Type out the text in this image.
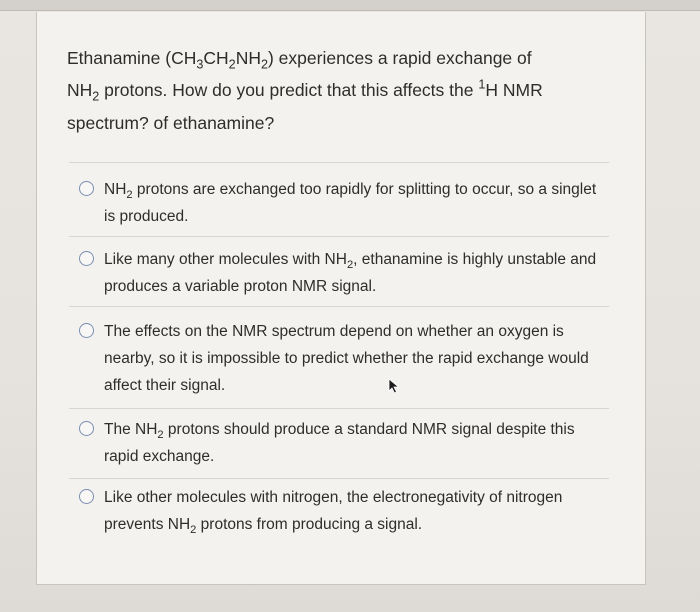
Ethanamine $(CH_3CH_2NH_2)$ experiences a rapid exchange of
$NH_2$ protons. How do you predict that this affects the $^1$H NMR
spectrum? of ethanamine?
$NH_2$ protons are exchanged too rapidly for splitting to occur, so a singlet is produced.
Like many other molecules with $NH_2$, ethanamine is highly unstable and produces a variable proton NMR signal.
The effects on the NMR spectrum depend on whether an oxygen is nearby, so it is impossible to predict whether the rapid exchange would affect their signal.
The $NH_2$ protons should produce a standard NMR signal despite this rapid exchange.
Like other molecules with nitrogen, the electronegativity of nitrogen prevents $NH_2$ protons from producing a signal.
